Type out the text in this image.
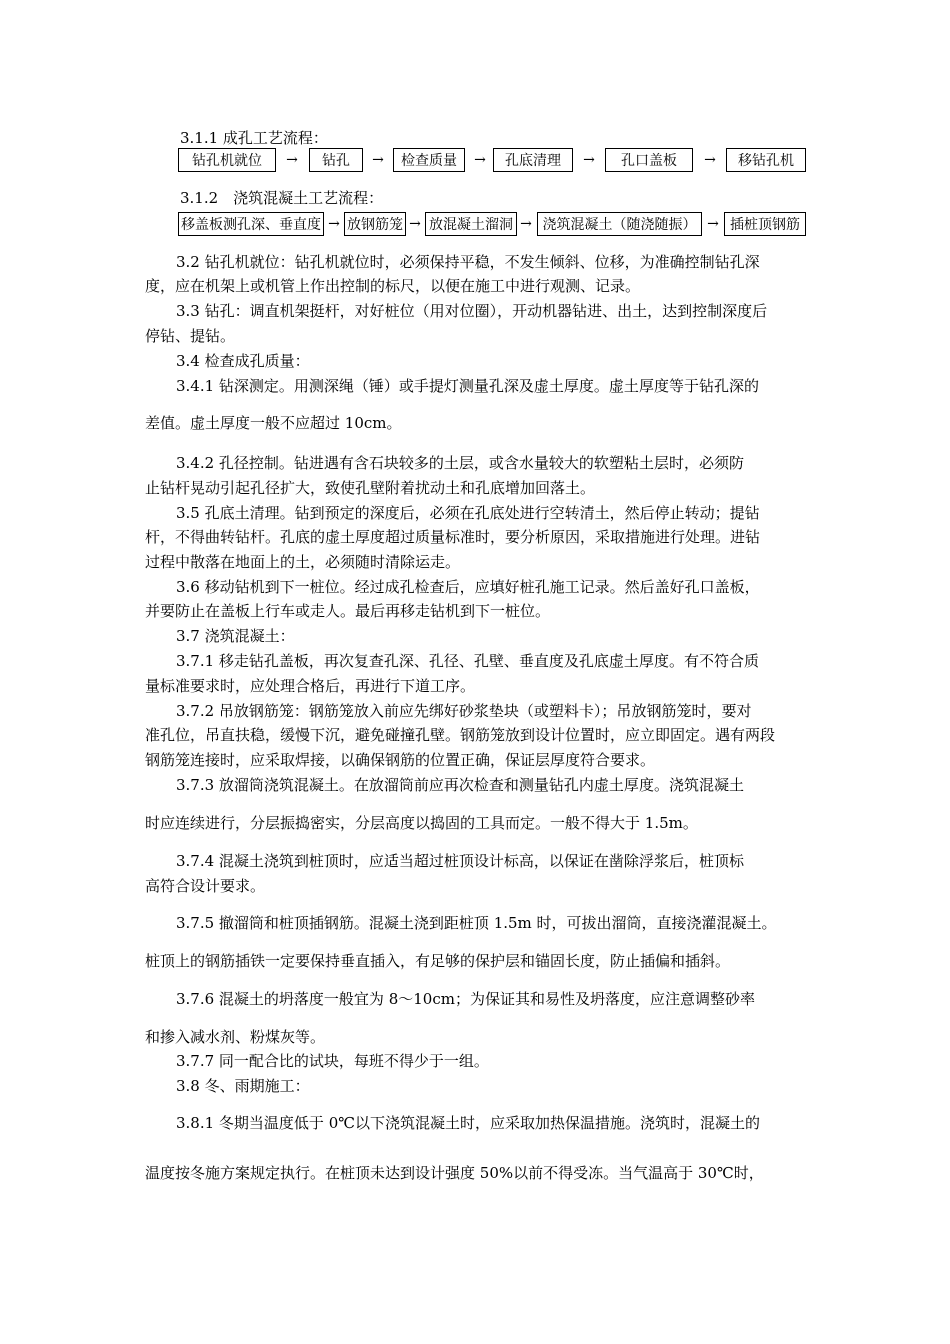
3.1.1 成孔工艺流程：
钻孔机就位	→	钻孔	→	检查质量	→	孔底清理	→	孔口盖板	→	移钻孔机
3.1.2　浇筑混凝土工艺流程：
移盖板测孔深、垂直度 → 放钢筋笼 → 放混凝土溜洞 → 浇筑混凝土（随浇随振） → 插桩顶钢筋
3.2 钻孔机就位：钻孔机就位时，必须保持平稳，不发生倾斜、位移，为准确控制钻孔深
度，应在机架上或机管上作出控制的标尺，以便在施工中进行观测、记录。
3.3 钻孔：调直机架挺杆，对好桩位（用对位圈），开动机器钻进、出土，达到控制深度后
停钻、提钻。
3.4 检查成孔质量：
3.4.1 钻深测定。用测深绳（锤）或手提灯测量孔深及虚土厚度。虚土厚度等于钻孔深的
差值。虚土厚度一般不应超过 10cm。
3.4.2 孔径控制。钻进遇有含石块较多的土层，或含水量较大的软塑粘土层时，必须防
止钻杆晃动引起孔径扩大，致使孔壁附着扰动土和孔底增加回落土。
3.5 孔底土清理。钻到预定的深度后，必须在孔底处进行空转清土，然后停止转动；提钻
杆，不得曲转钻杆。孔底的虚土厚度超过质量标准时，要分析原因，采取措施进行处理。进钻
过程中散落在地面上的土，必须随时清除运走。
3.6 移动钻机到下一桩位。经过成孔检查后，应填好桩孔施工记录。然后盖好孔口盖板，
并要防止在盖板上行车或走人。最后再移走钻机到下一桩位。
3.7 浇筑混凝土：
3.7.1 移走钻孔盖板，再次复查孔深、孔径、孔壁、垂直度及孔底虚土厚度。有不符合质
量标准要求时，应处理合格后，再进行下道工序。
3.7.2 吊放钢筋笼：钢筋笼放入前应先绑好砂浆垫块（或塑料卡）；吊放钢筋笼时，要对
准孔位，吊直扶稳，缓慢下沉，避免碰撞孔壁。钢筋笼放到设计位置时，应立即固定。遇有两段
钢筋笼连接时，应采取焊接，以确保钢筋的位置正确，保证层厚度符合要求。
3.7.3 放溜筒浇筑混凝土。在放溜筒前应再次检查和测量钻孔内虚土厚度。浇筑混凝土
时应连续进行，分层振捣密实，分层高度以捣固的工具而定。一般不得大于 1.5m。
3.7.4 混凝土浇筑到桩顶时，应适当超过桩顶设计标高，以保证在凿除浮浆后，桩顶标
高符合设计要求。
3.7.5 撤溜筒和桩顶插钢筋。混凝土浇到距桩顶 1.5m 时，可拔出溜筒，直接浇灌混凝土。
桩顶上的钢筋插铁一定要保持垂直插入，有足够的保护层和锚固长度，防止插偏和插斜。
3.7.6 混凝土的坍落度一般宜为 8～10cm；为保证其和易性及坍落度，应注意调整砂率
和掺入减水剂、粉煤灰等。
3.7.7 同一配合比的试块，每班不得少于一组。
3.8 冬、雨期施工：
3.8.1 冬期当温度低于 0℃以下浇筑混凝土时，应采取加热保温措施。浇筑时，混凝土的
温度按冬施方案规定执行。在桩顶未达到设计强度 50%以前不得受冻。当气温高于 30℃时，
